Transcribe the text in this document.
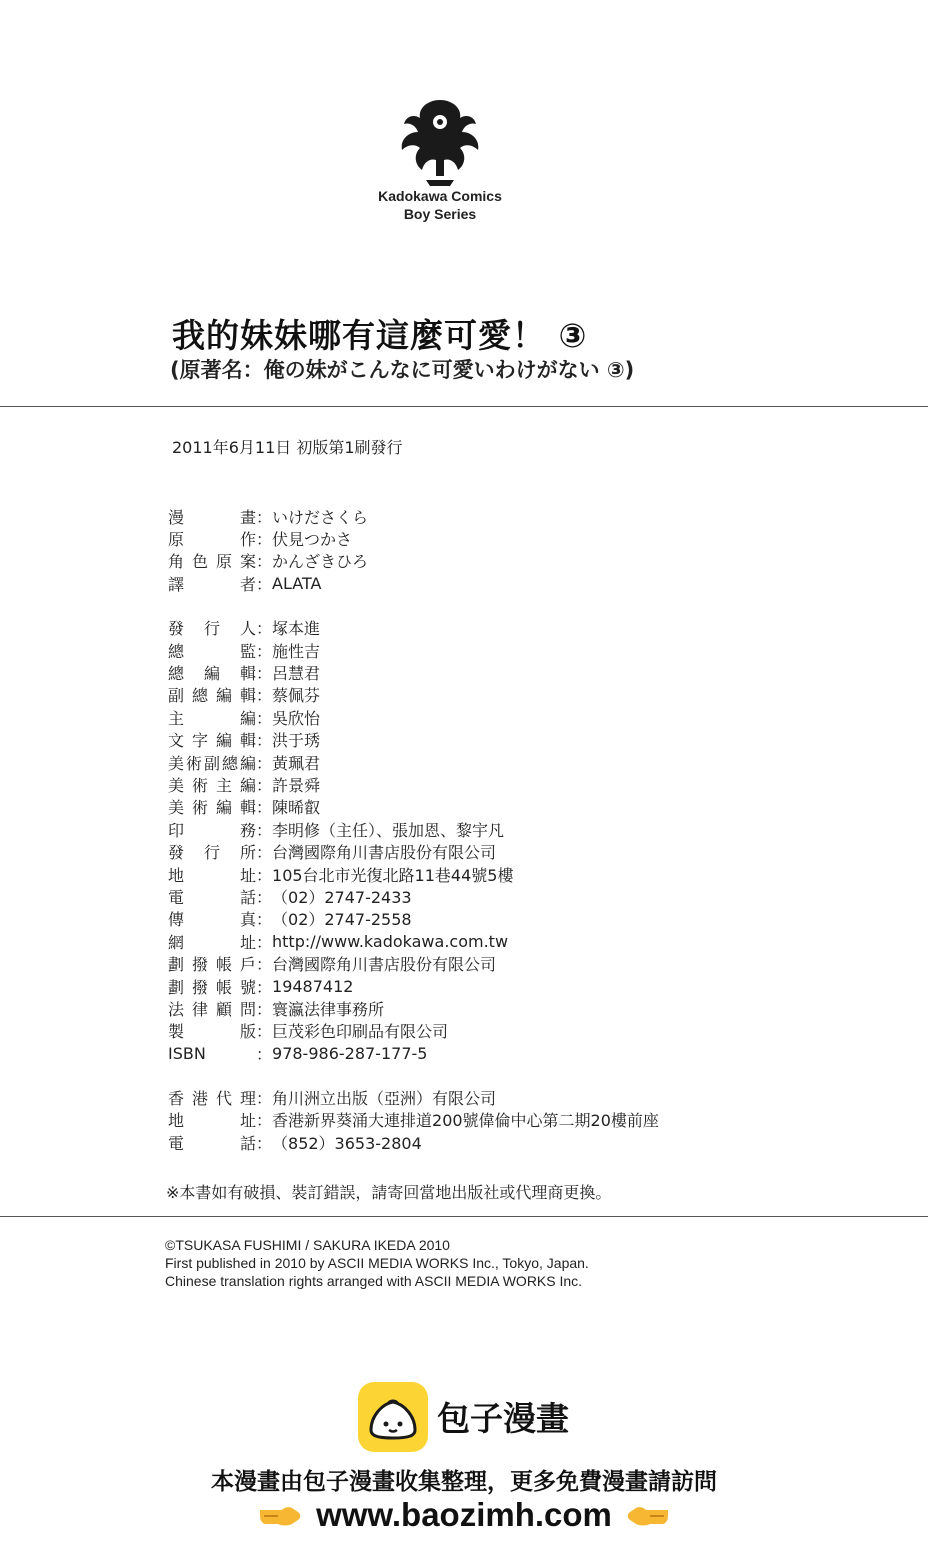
Kadokawa Comics
Boy Series
我的妹妹哪有這麼可愛！ ③
(原著名：俺の妹がこんなに可愛いわけがない ③)
2011年6月11日 初版第1刷發行
漫畫 ： いけださくら
原作 ： 伏見つかさ
角色原案 ： かんざきひろ
譯者 ： ALATA
發行人 ： 塚本進
總監 ： 施性吉
總編輯 ： 呂慧君
副總編輯 ： 蔡佩芬
主編 ： 吳欣怡
文字編輯 ： 洪于琇
美術副總編 ： 黃珮君
美術主編 ： 許景舜
美術編輯 ： 陳晞叡
印務 ： 李明修（主任）、張加恩、黎宇凡
發行所 ： 台灣國際角川書店股份有限公司
地址 ： 105台北市光復北路11巷44號5樓
電話 ： （02）2747-2433
傳真 ： （02）2747-2558
網址 ： http://www.kadokawa.com.tw
劃撥帳戶 ： 台灣國際角川書店股份有限公司
劃撥帳號 ： 19487412
法律顧問 ： 寰瀛法律事務所
製版 ： 巨茂彩色印刷品有限公司
ISBN	： 978-986-287-177-5
香港代理 ： 角川洲立出版（亞洲）有限公司
地址 ： 香港新界葵涌大連排道200號偉倫中心第二期20樓前座
電話 ： （852）3653-2804
※本書如有破損、裝訂錯誤，請寄回當地出版社或代理商更換。
©TSUKASA FUSHIMI / SAKURA IKEDA 2010
First published in 2010 by ASCII MEDIA WORKS Inc., Tokyo, Japan.
Chinese translation rights arranged with ASCII MEDIA WORKS Inc.
包子漫畫
本漫畫由包子漫畫收集整理，更多免費漫畫請訪問
www.baozimh.com
